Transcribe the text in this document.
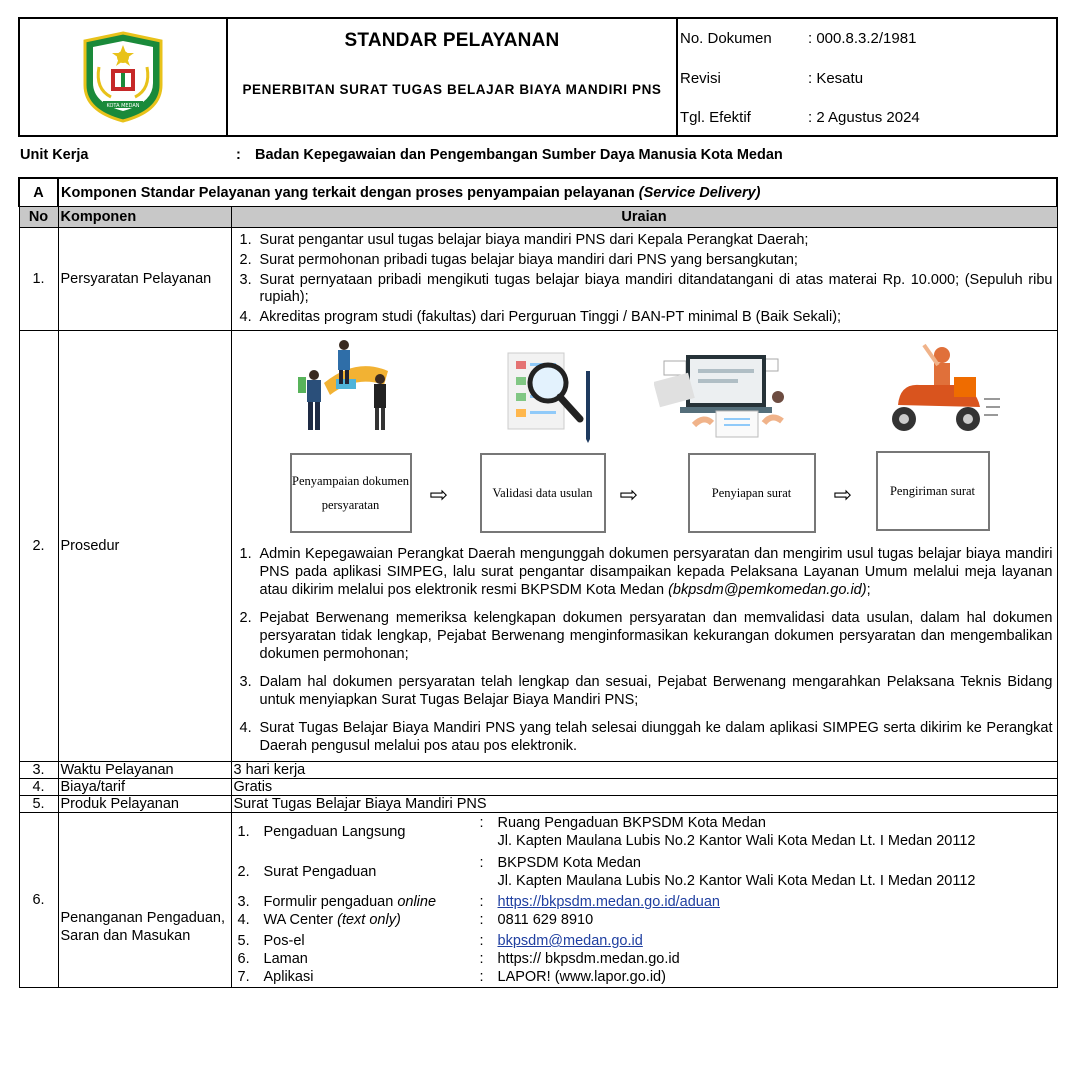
KOTA MEDAN
STANDAR PELAYANAN
PENERBITAN SURAT TUGAS BELAJAR BIAYA MANDIRI PNS
No. Dokumen : 000.8.3.2/1981
Revisi	: Kesatu
Tgl. Efektif	: 2 Agustus 2024
Unit Kerja	: Badan Kepegawaian dan Pengembangan Sumber Daya Manusia Kota Medan
A	Komponen Standar Pelayanan yang terkait dengan proses penyampaian pelayanan (Service Delivery)
No	Komponen	Uraian
1.	Persyaratan Pelayanan	
1. Surat pengantar usul tugas belajar biaya mandiri PNS dari Kepala Perangkat Daerah;
2. Surat permohonan pribadi tugas belajar biaya mandiri dari PNS yang bersangkutan;
3. Surat pernyataan pribadi mengikuti tugas belajar biaya mandiri ditandatangani di atas materai Rp. 10.000; (Sepuluh ribu rupiah);
4. Akreditas program studi (fakultas) dari Perguruan Tinggi / BAN-PT minimal B (Baik Sekali);

2.	Prosedur	
Penyampaian dokumen persyaratan	⇨	Validasi data usulan	⇨	Penyiapan surat	⇨	Pengiriman surat
1. Admin Kepegawaian Perangkat Daerah mengunggah dokumen persyaratan dan mengirim usul tugas belajar biaya mandiri PNS pada aplikasi SIMPEG, lalu surat pengantar disampaikan kepada Pelaksana Layanan Umum melalui meja layanan atau dikirim melalui pos elektronik resmi BKPSDM Kota Medan (bkpsdm@pemkomedan.go.id);
2. Pejabat Berwenang memeriksa kelengkapan dokumen persyaratan dan memvalidasi data usulan, dalam hal dokumen persyaratan tidak lengkap, Pejabat Berwenang menginformasikan kekurangan dokumen persyaratan dan mengembalikan dokumen permohonan;
3. Dalam hal dokumen persyaratan telah lengkap dan sesuai, Pejabat Berwenang mengarahkan Pelaksana Teknis Bidang untuk menyiapkan Surat Tugas Belajar Biaya Mandiri PNS;
4. Surat Tugas Belajar Biaya Mandiri PNS yang telah selesai diunggah ke dalam aplikasi SIMPEG serta dikirim ke Perangkat Daerah pengusul melalui pos atau pos elektronik.

3.	Waktu Pelayanan	3 hari kerja
4.	Biaya/tarif	Gratis
5.	Produk Pelayanan	Surat Tugas Belajar Biaya Mandiri PNS
6.	Penanganan Pengaduan, Saran dan Masukan	
1.	Pengaduan Langsung	:	Ruang Pengaduan BKPSDM Kota Medan
Jl. Kapten Maulana Lubis No.2 Kantor Wali Kota Medan Lt. I Medan 20112

2.	Surat Pengaduan	:	BKPSDM Kota Medan
Jl. Kapten Maulana Lubis No.2 Kantor Wali Kota Medan Lt. I Medan 20112

3.	Formulir pengaduan online	:	https://bkpsdm.medan.go.id/aduan
4.	WA Center (text only)	:	0811 629 8910
5.	Pos-el	:	bkpsdm@medan.go.id
6.	Laman	:	https:// bkpsdm.medan.go.id
7.	Aplikasi	:	LAPOR! (www.lapor.go.id)
